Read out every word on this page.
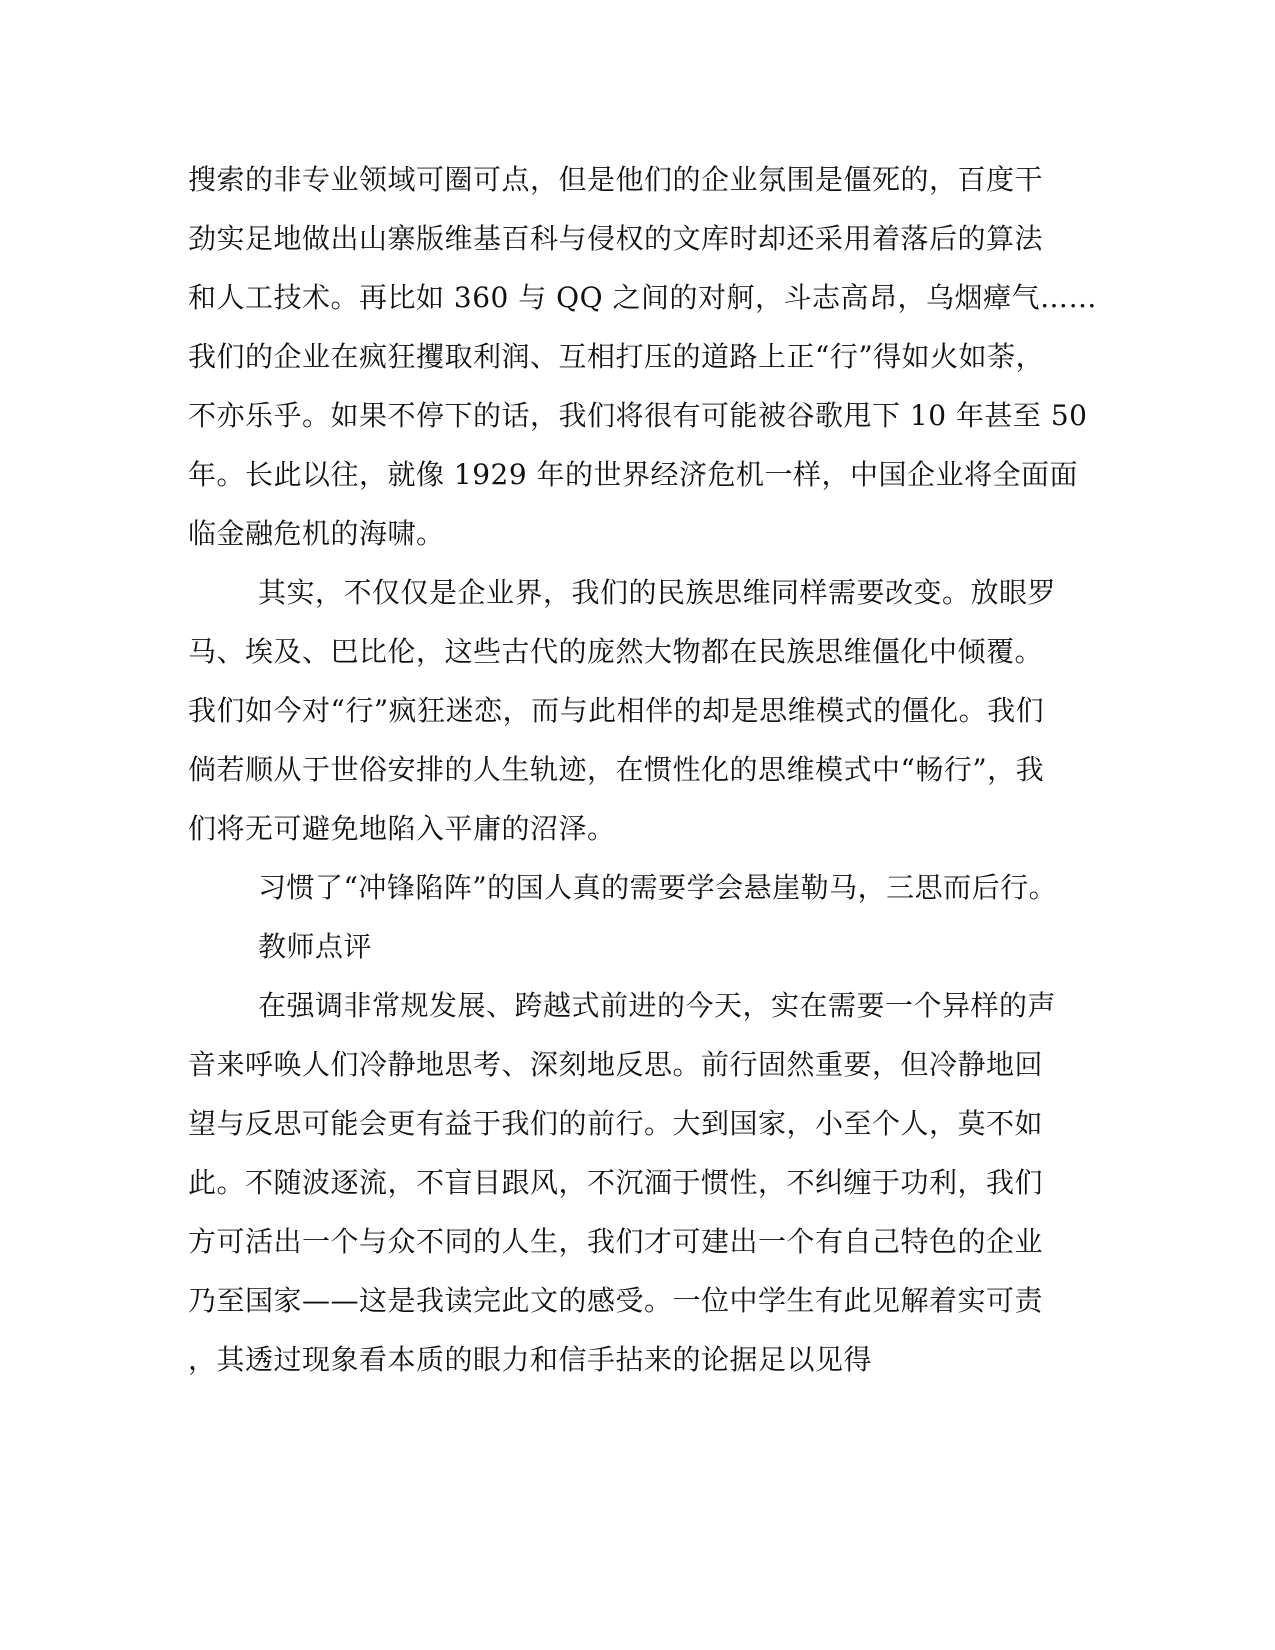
搜索的非专业领域可圈可点，但是他们的企业氛围是僵死的，百度干
劲实足地做出山寨版维基百科与侵权的文库时却还采用着落后的算法
和人工技术。再比如 360 与 QQ 之间的对舸，斗志高昂，乌烟瘴气……
我们的企业在疯狂攫取利润、互相打压的道路上正“行”得如火如荼，
不亦乐乎。如果不停下的话，我们将很有可能被谷歌甩下 10 年甚至 50
年。长此以往，就像 1929 年的世界经济危机一样，中国企业将全面面
临金融危机的海啸。
其实，不仅仅是企业界，我们的民族思维同样需要改变。放眼罗
马、埃及、巴比伦，这些古代的庞然大物都在民族思维僵化中倾覆。
我们如今对“行”疯狂迷恋，而与此相伴的却是思维模式的僵化。我们
倘若顺从于世俗安排的人生轨迹，在惯性化的思维模式中“畅行”，我
们将无可避免地陷入平庸的沼泽。
习惯了“冲锋陷阵”的国人真的需要学会悬崖勒马，三思而后行。
教师点评
在强调非常规发展、跨越式前进的今天，实在需要一个异样的声
音来呼唤人们冷静地思考、深刻地反思。前行固然重要，但冷静地回
望与反思可能会更有益于我们的前行。大到国家，小至个人，莫不如
此。不随波逐流，不盲目跟风，不沉湎于惯性，不纠缠于功利，我们
方可活出一个与众不同的人生，我们才可建出一个有自己特色的企业
乃至国家——这是我读完此文的感受。一位中学生有此见解着实可责
，其透过现象看本质的眼力和信手拈来的论据足以见得
